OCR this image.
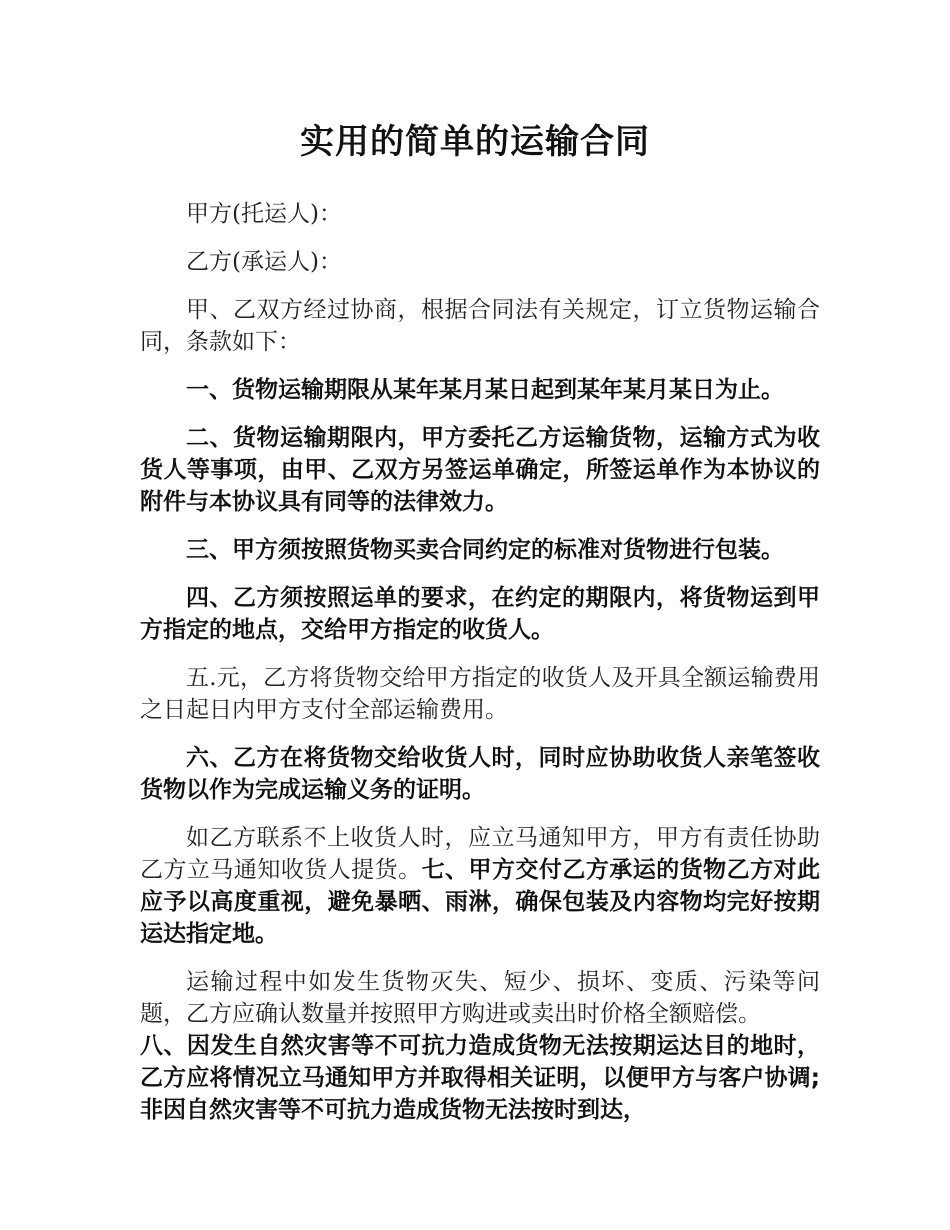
实用的简单的运输合同

甲方(托运人)：

乙方(承运人)：

甲、乙双方经过协商，根据合同法有关规定，订立货物运输合同，条款如下：

一、货物运输期限从某年某月某日起到某年某月某日为止。

二、货物运输期限内，甲方委托乙方运输货物，运输方式为收货人等事项，由甲、乙双方另签运单确定，所签运单作为本协议的附件与本协议具有同等的法律效力。

三、甲方须按照货物买卖合同约定的标准对货物进行包装。

四、乙方须按照运单的要求，在约定的期限内，将货物运到甲方指定的地点，交给甲方指定的收货人。

五.元，乙方将货物交给甲方指定的收货人及开具全额运输费用之日起日内甲方支付全部运输费用。

六、乙方在将货物交给收货人时，同时应协助收货人亲笔签收货物以作为完成运输义务的证明。

如乙方联系不上收货人时，应立马通知甲方，甲方有责任协助乙方立马通知收货人提货。七、甲方交付乙方承运的货物乙方对此应予以高度重视，避免暴晒、雨淋，确保包装及内容物均完好按期运达指定地。

运输过程中如发生货物灭失、短少、损坏、变质、污染等问题，乙方应确认数量并按照甲方购进或卖出时价格全额赔偿。

八、因发生自然灾害等不可抗力造成货物无法按期运达目的地时，乙方应将情况立马通知甲方并取得相关证明，以便甲方与客户协调;非因自然灾害等不可抗力造成货物无法按时到达，
